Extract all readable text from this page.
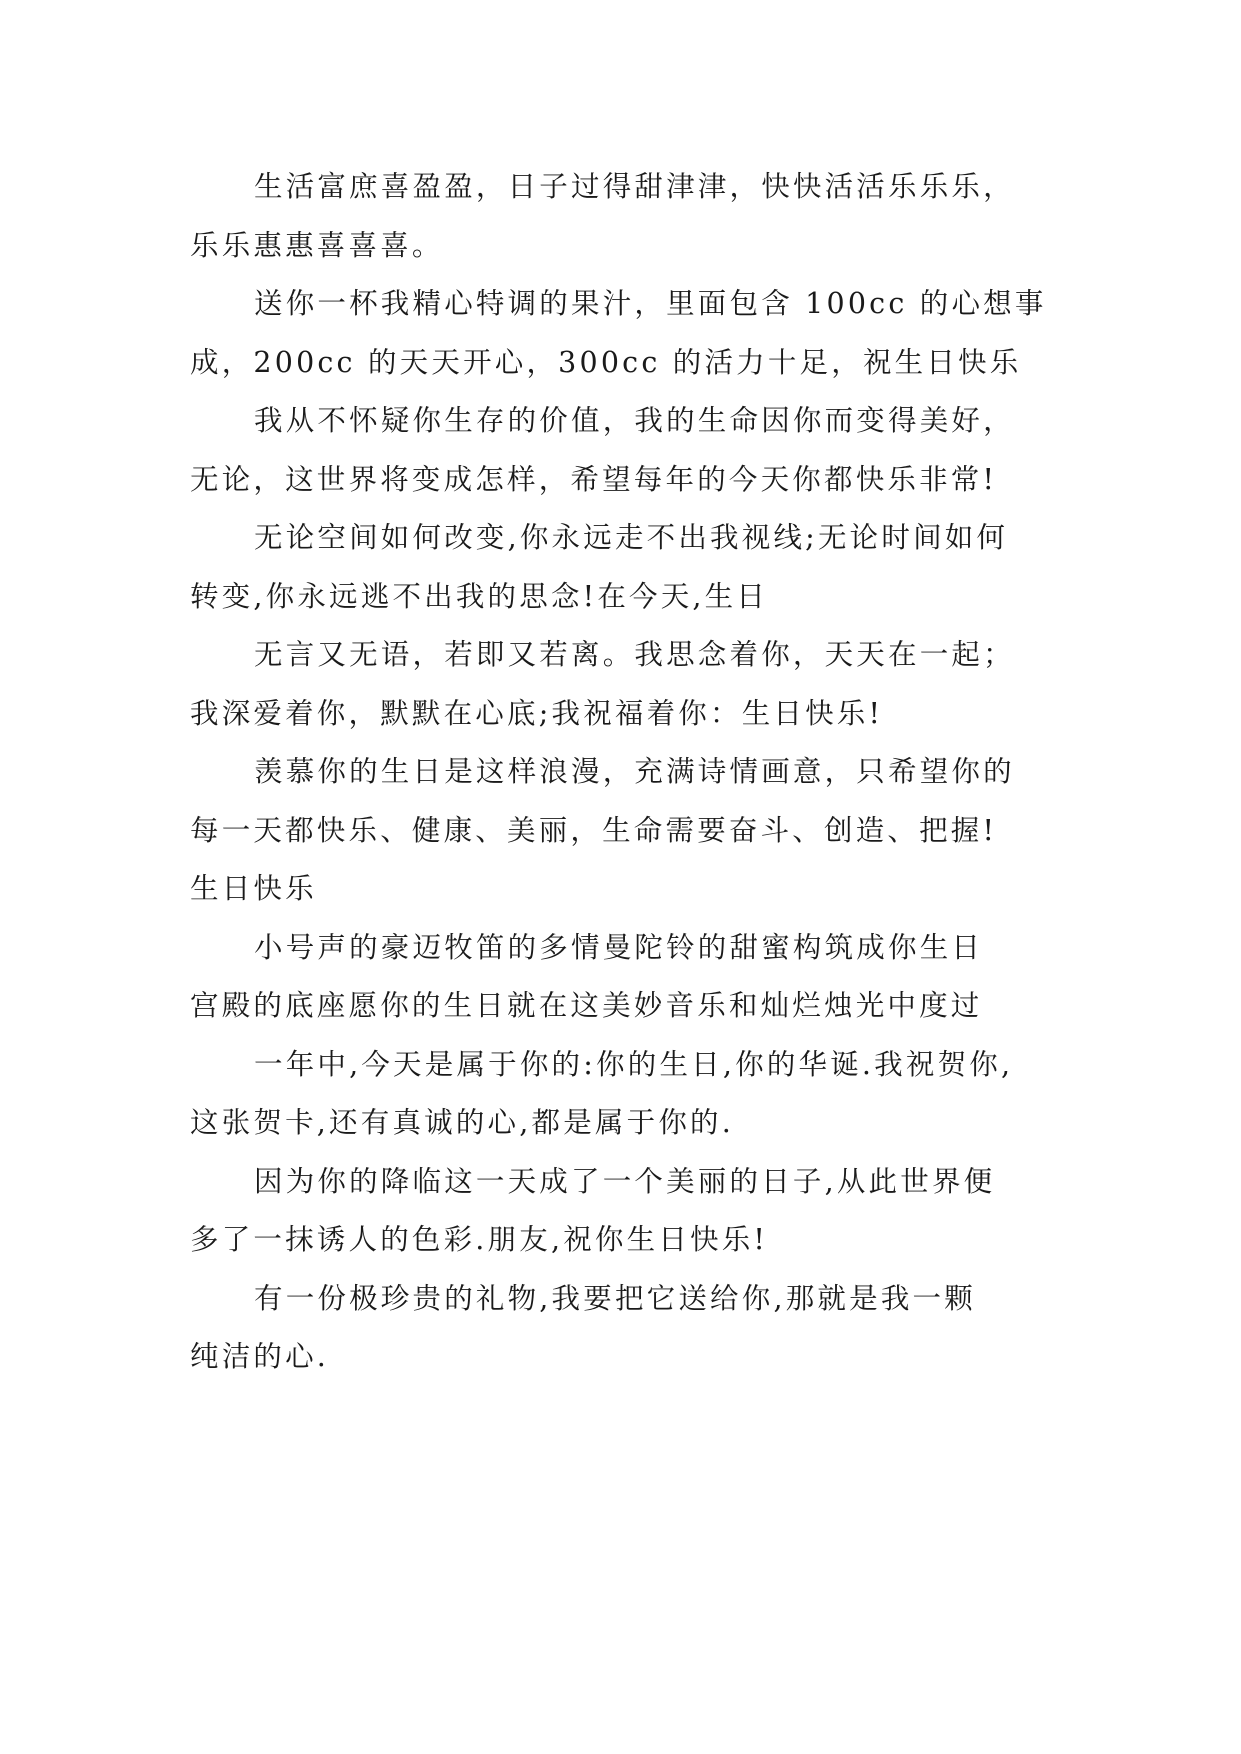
生活富庶喜盈盈，日子过得甜津津，快快活活乐乐乐，
乐乐惠惠喜喜喜。

送你一杯我精心特调的果汁，里面包含 100cc 的心想事
成，200cc 的天天开心，300cc 的活力十足，祝生日快乐

我从不怀疑你生存的价值，我的生命因你而变得美好，
无论，这世界将变成怎样，希望每年的今天你都快乐非常!

无论空间如何改变,你永远走不出我视线;无论时间如何
转变,你永远逃不出我的思念!在今天,生日

无言又无语，若即又若离。我思念着你，天天在一起；
我深爱着你，默默在心底;我祝福着你：生日快乐!

羡慕你的生日是这样浪漫，充满诗情画意，只希望你的
每一天都快乐、健康、美丽，生命需要奋斗、创造、把握!
生日快乐

小号声的豪迈牧笛的多情曼陀铃的甜蜜构筑成你生日
宫殿的底座愿你的生日就在这美妙音乐和灿烂烛光中度过

一年中,今天是属于你的:你的生日,你的华诞.我祝贺你,
这张贺卡,还有真诚的心,都是属于你的.

因为你的降临这一天成了一个美丽的日子,从此世界便
多了一抹诱人的色彩.朋友,祝你生日快乐!

有一份极珍贵的礼物,我要把它送给你,那就是我一颗
纯洁的心.
